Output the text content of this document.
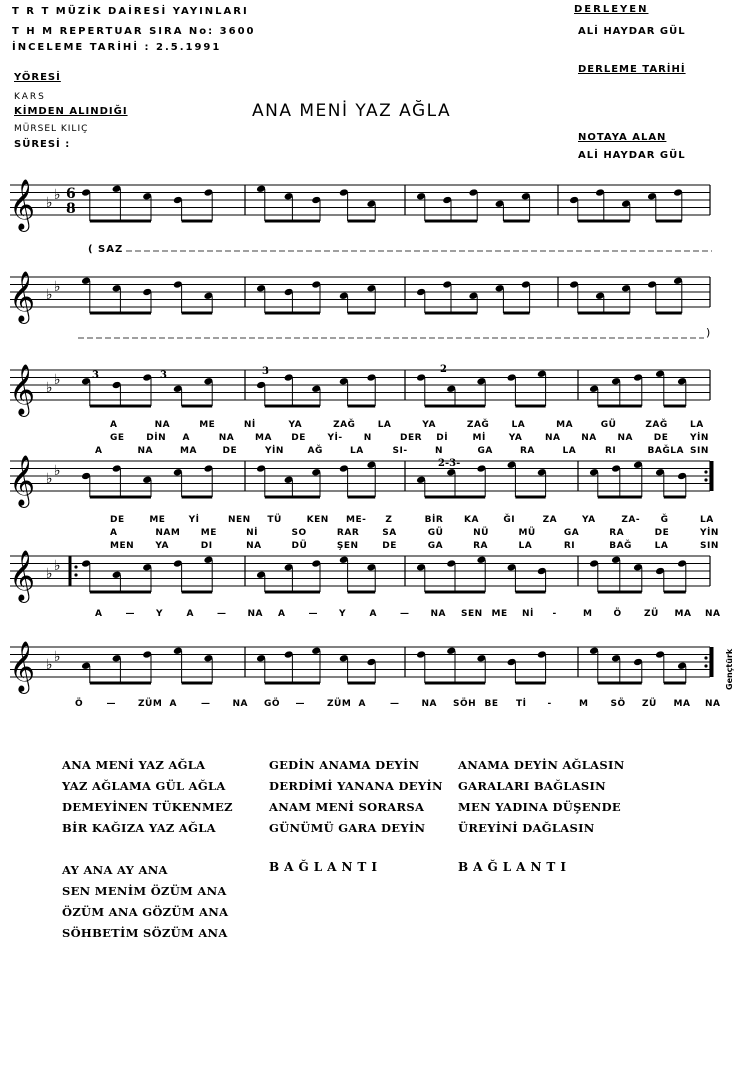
T R T MÜZİK DAİRESİ YAYINLARI
T H M REPERTUAR SIRA No: 3600
İNCELEME TARİHİ : 2.5.1991
DERLEYEN
ALİ HAYDAR GÜL
DERLEME TARİHİ
YÖRESİ
KARS
KİMDEN ALINDIĞI
MÜRSEL KILIÇ
SÜRESİ :
ANA MENİ YAZ AĞLA
NOTAYA ALAN
ALİ HAYDAR GÜL
𝄞 ♭ ♭
𝄞 ♭ ♭
𝄞 ♭ ♭
𝄞 ♭ ♭
𝄞 ♭ ♭
𝄞 ♭ ♭
6
8
3	3	3	2
2-3-
( SAZ
)
Gençtürk
A	NA	ME	Nİ	YA	ZAĞ LA	YA	ZAĞ LA	MA	GÜ	ZAĞ LA
GE DİN A	NA MA DE Yİ- N	DER Dİ	Mİ	YA	NA NA NA DE YİN
A	NA	MA	DE	YİN	AĞ	LA	SI-	N	GA	RA	LA	RI	BAĞLA SIN
DE	ME	Yİ	NEN TÜ	KEN ME- Z	BİR KA	ĞI	ZA	YA	ZA- Ğ	LA
A	NAM ME	Nİ	SO	RAR	SA	GÜ	NÜ	MÜ	GA	RA	DE	YİN
MEN YA	DI	NA	DÜ	ŞEN	DE	GA	RA	LA	RI	BAĞ	LA	SIN
A	— Y	A	— NA A	— Y	A	— NA SEN ME Nİ -	M Ö ZÜ MA NA
Ö	— ZÜM A	— NA GÖ — ZÜM A	— NA SÖH BE Tİ -	M SÖ ZÜ MA NA
ANA MENİ YAZ AĞLA
YAZ AĞLAMA GÜL AĞLA
DEMEYİNEN TÜKENMEZ
BİR KAĞIZA YAZ AĞLA
GEDİN ANAMA DEYİN
DERDİMİ YANANA DEYİN
ANAM MENİ SORARSA
GÜNÜMÜ GARA DEYİN
ANAMA DEYİN AĞLASIN
GARALARI BAĞLASIN
MEN YADINA DÜŞENDE
ÜREYİNİ DAĞLASIN
AY ANA AY ANA
SEN MENİM ÖZÜM ANA
ÖZÜM ANA GÖZÜM ANA
SÖHBETİM SÖZÜM ANA
BAĞLANTI	BAĞLANTI
